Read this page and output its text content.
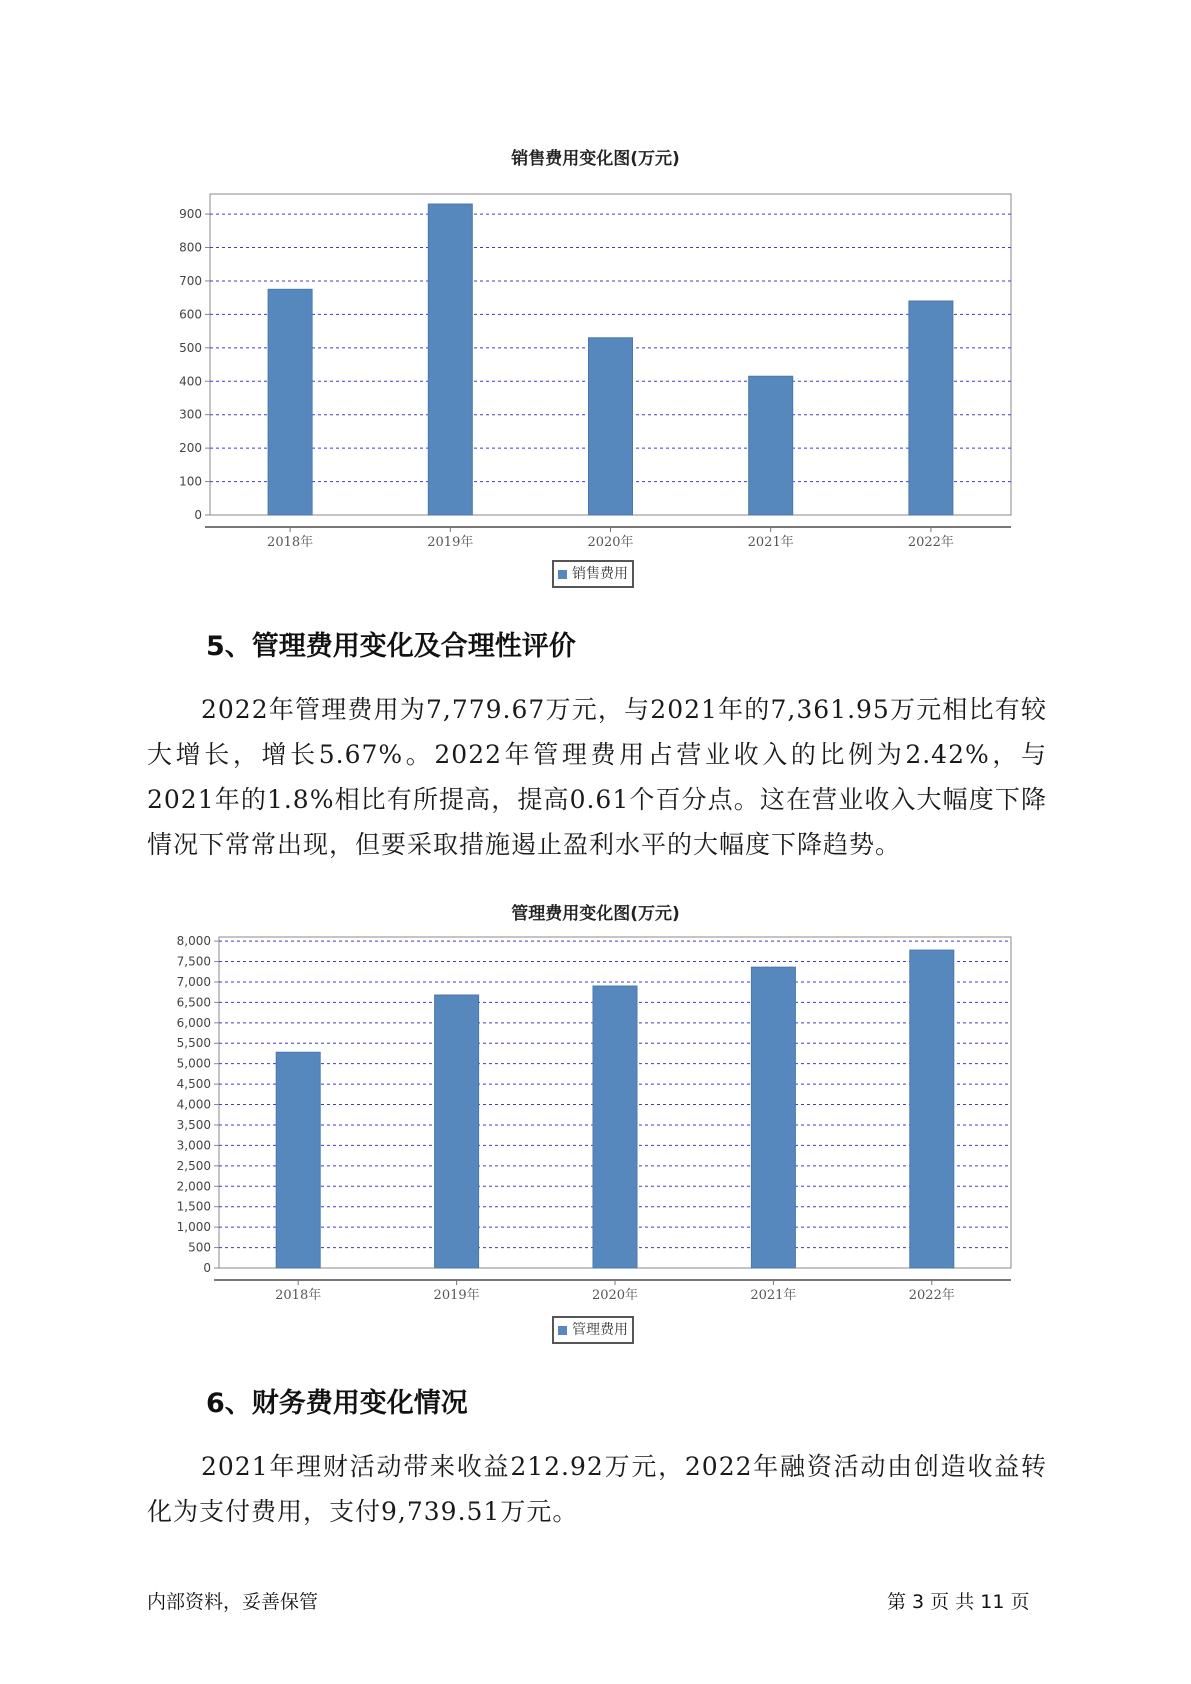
销售费用变化图(万元)
0
100
200
300
400
500
600
700
800
900
2018年	2019年	2020年	2021年	2022年
销售费用
5、管理费用变化及合理性评价

2022年管理费用为7,779.67万元，与2021年的7,361.95万元相比有较大增长，增长5.67%。2022年管理费用占营业收入的比例为2.42%，与2021年的1.8%相比有所提高，提高0.61个百分点。这在营业收入大幅度下降情况下常常出现，但要采取措施遏止盈利水平的大幅度下降趋势。

管理费用变化图(万元)
0
500
1,000
1,500
2,000
2,500
3,000
3,500
4,000
4,500
5,000
5,500
6,000
6,500
7,000
7,500
8,000
2018年	2019年	2020年	2021年	2022年
管理费用
6、财务费用变化情况

2021年理财活动带来收益212.92万元，2022年融资活动由创造收益转化为支付费用，支付9,739.51万元。

内部资料，妥善保管	第 3 页 共 11 页
